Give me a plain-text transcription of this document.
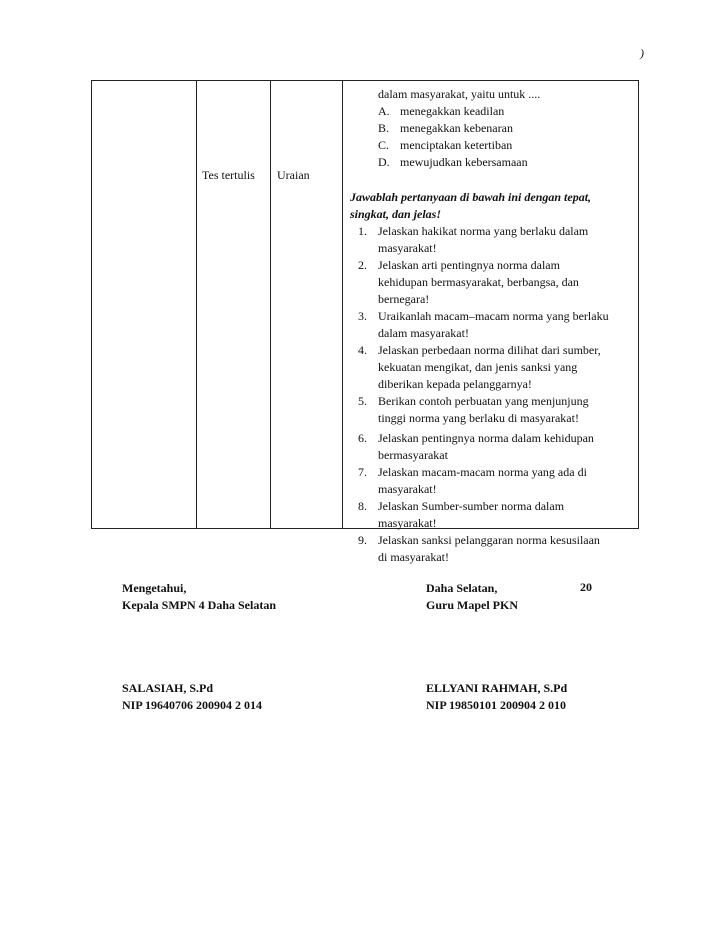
)
dalam masyarakat, yaitu untuk ....
A. menegakkan keadilan
B. menegakkan kebenaran
C. menciptakan ketertiban
D. mewujudkan kebersamaan
Jawablah pertanyaan di bawah ini dengan tepat,
singkat, dan jelas!
1. Jelaskan hakikat norma yang berlaku dalam
masyarakat!
2. Jelaskan arti pentingnya norma dalam
kehidupan bermasyarakat, berbangsa, dan
bernegara!
3. Uraikanlah macam–macam norma yang berlaku
dalam masyarakat!
4. Jelaskan perbedaan norma dilihat dari sumber,
kekuatan mengikat, dan jenis sanksi yang
diberikan kepada pelanggarnya!
5. Berikan contoh perbuatan yang menjunjung
tinggi norma yang berlaku di masyarakat!
6. Jelaskan pentingnya norma dalam kehidupan
bermasyarakat
7. Jelaskan macam-macam norma yang ada di
masyarakat!
8. Jelaskan Sumber-sumber norma dalam
masyarakat!
9. Jelaskan sanksi pelanggaran norma kesusilaan
di masyarakat!
Tes tertulis Uraian
Mengetahui,
Kepala SMPN 4 Daha Selatan
Daha Selatan,
Guru Mapel PKN
20
SALASIAH, S.Pd
NIP 19640706 200904 2 014
ELLYANI RAHMAH, S.Pd
NIP 19850101 200904 2 010
